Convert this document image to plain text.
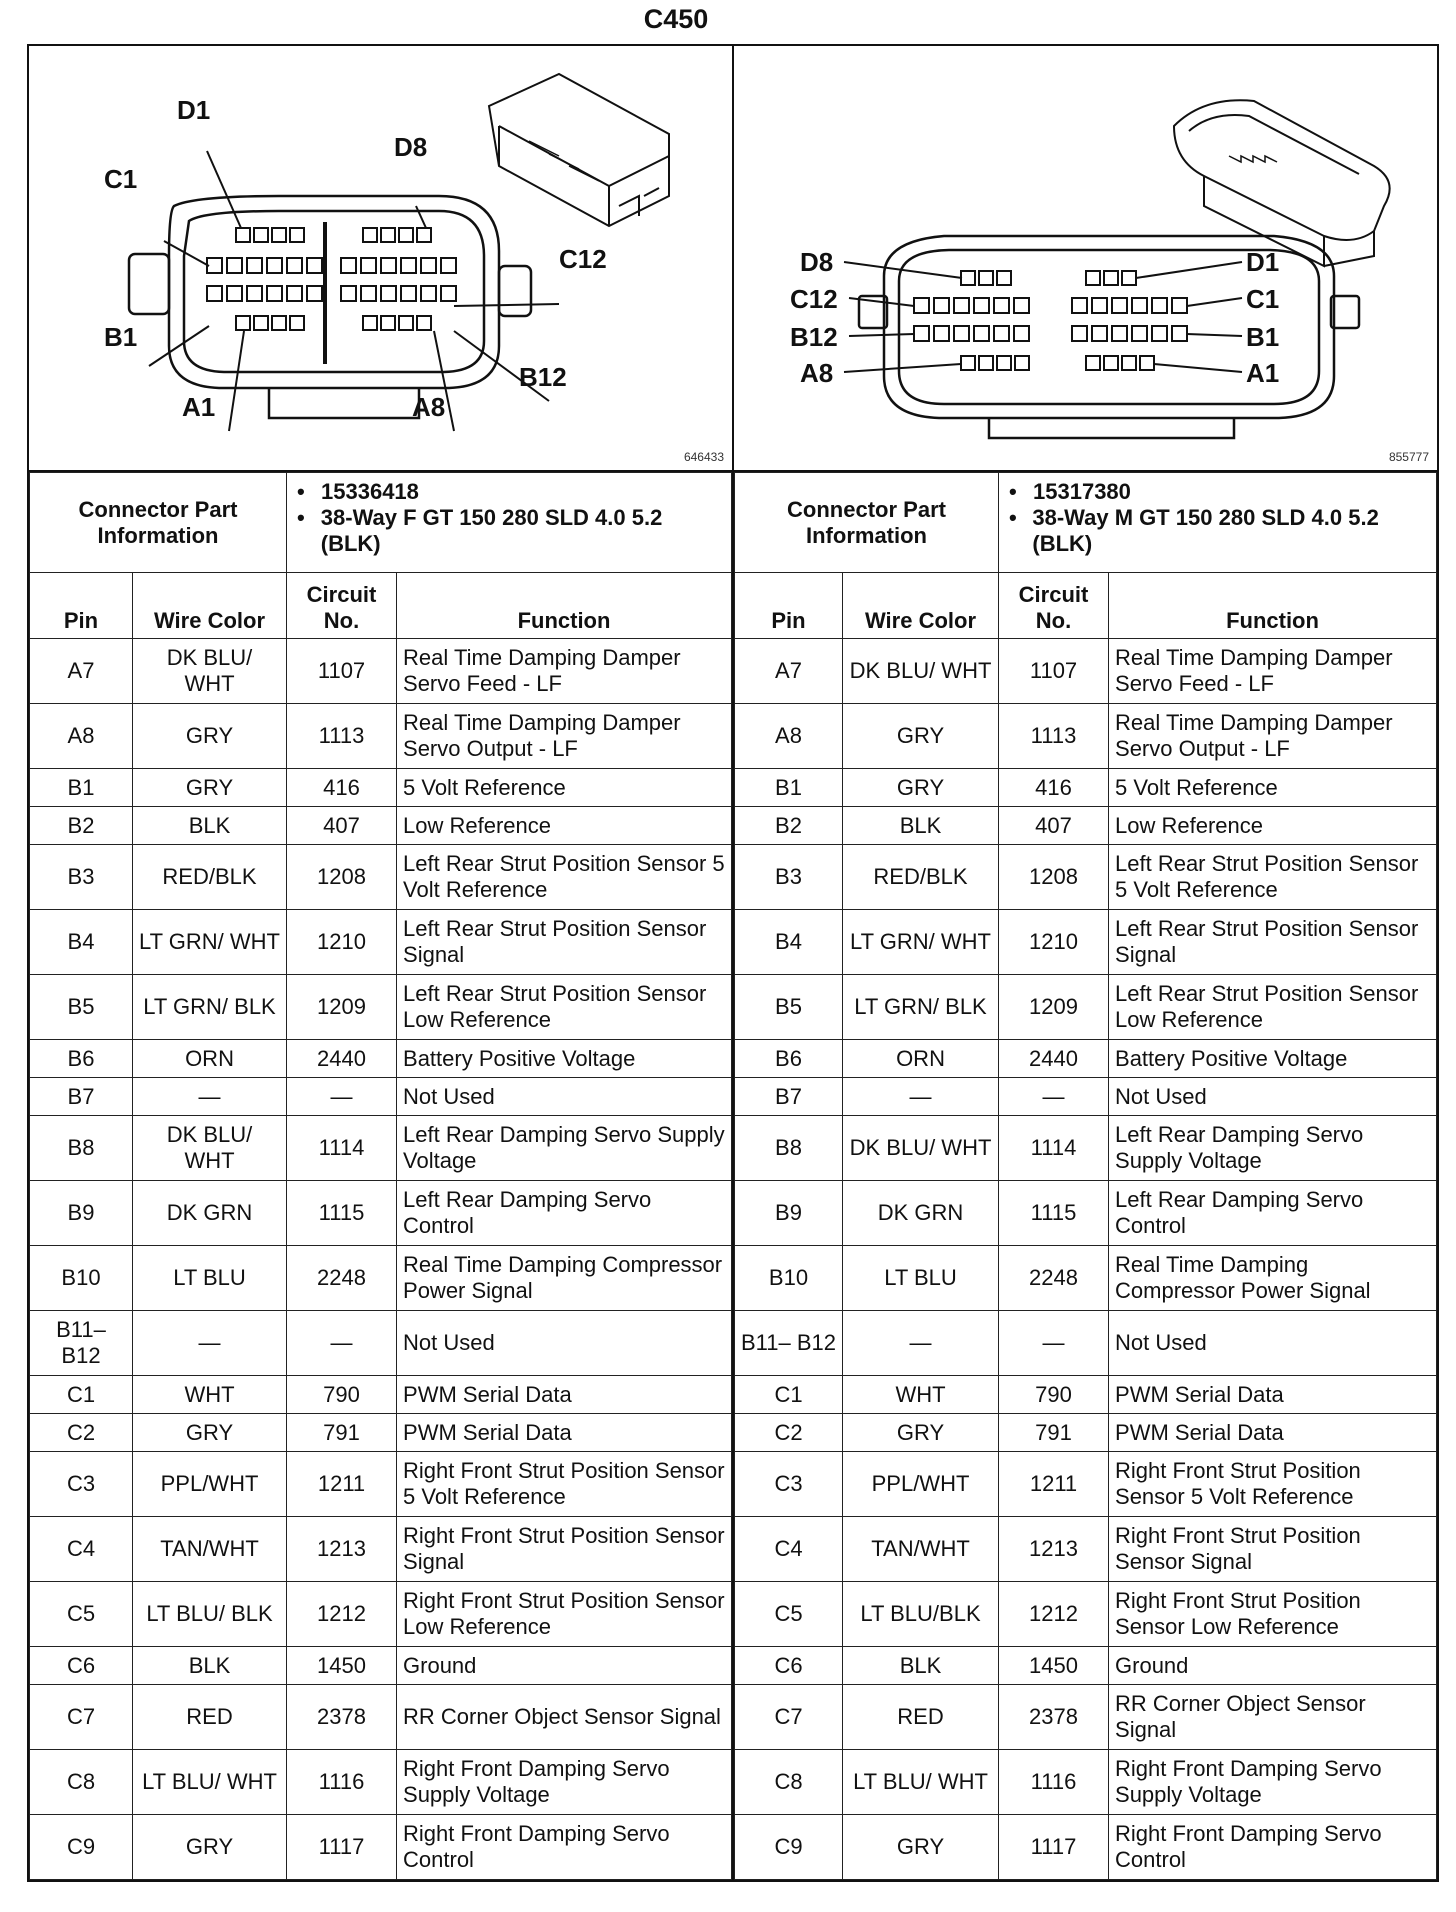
C450
D1
D8
C1
C12
B1
B12
A1	A8
646433
Connector Part Information		• 15336418
• 38-Way F GT 150 280 SLD 4.0 5.2 (BLK)	

Pin	Wire Color	Circuit No.	Function
A7	DK BLU/ WHT	1107	Real Time Damping Damper Servo Feed - LF
A8	GRY	1113	Real Time Damping Damper Servo Output - LF
B1	GRY	416	5 Volt Reference
B2	BLK	407	Low Reference
B3	RED/BLK	1208	Left Rear Strut Position Sensor 5 Volt Reference
B4	LT GRN/ WHT	1210	Left Rear Strut Position Sensor Signal
B5	LT GRN/ BLK	1209	Left Rear Strut Position Sensor Low Reference
B6	ORN	2440	Battery Positive Voltage
B7	—	—	Not Used
B8	DK BLU/ WHT	1114	Left Rear Damping Servo Supply Voltage
B9	DK GRN	1115	Left Rear Damping Servo Control
B10	LT BLU	2248	Real Time Damping Compressor Power Signal
B11– B12	—	—	Not Used
C1	WHT	790	PWM Serial Data
C2	GRY	791	PWM Serial Data
C3	PPL/WHT	1211	Right Front Strut Position Sensor 5 Volt Reference
C4	TAN/WHT	1213	Right Front Strut Position Sensor Signal
C5	LT BLU/ BLK	1212	Right Front Strut Position Sensor Low Reference
C6	BLK	1450	Ground
C7	RED	2378	RR Corner Object Sensor Signal
C8	LT BLU/ WHT	1116	Right Front Damping Servo Supply Voltage
C9	GRY	1117	Right Front Damping Servo Control
D8	D1
C12	C1
B12	B1
A8	A1
855777
Connector Part Information		• 15317380
• 38-Way M GT 150 280 SLD 4.0 5.2 (BLK)	

Pin	Wire Color	Circuit No.	Function
A7	DK BLU/ WHT	1107	Real Time Damping Damper Servo Feed - LF
A8	GRY	1113	Real Time Damping Damper Servo Output - LF
B1	GRY	416	5 Volt Reference
B2	BLK	407	Low Reference
B3	RED/BLK	1208	Left Rear Strut Position Sensor 5 Volt Reference
B4	LT GRN/ WHT	1210	Left Rear Strut Position Sensor Signal
B5	LT GRN/ BLK	1209	Left Rear Strut Position Sensor Low Reference
B6	ORN	2440	Battery Positive Voltage
B7	—	—	Not Used
B8	DK BLU/ WHT	1114	Left Rear Damping Servo Supply Voltage
B9	DK GRN	1115	Left Rear Damping Servo Control
B10	LT BLU	2248	Real Time Damping Compressor Power Signal
B11– B12	—	—	Not Used
C1	WHT	790	PWM Serial Data
C2	GRY	791	PWM Serial Data
C3	PPL/WHT	1211	Right Front Strut Position Sensor 5 Volt Reference
C4	TAN/WHT	1213	Right Front Strut Position Sensor Signal
C5	LT BLU/BLK	1212	Right Front Strut Position Sensor Low Reference
C6	BLK	1450	Ground
C7	RED	2378	RR Corner Object Sensor Signal
C8	LT BLU/ WHT	1116	Right Front Damping Servo Supply Voltage
C9	GRY	1117	Right Front Damping Servo Control
